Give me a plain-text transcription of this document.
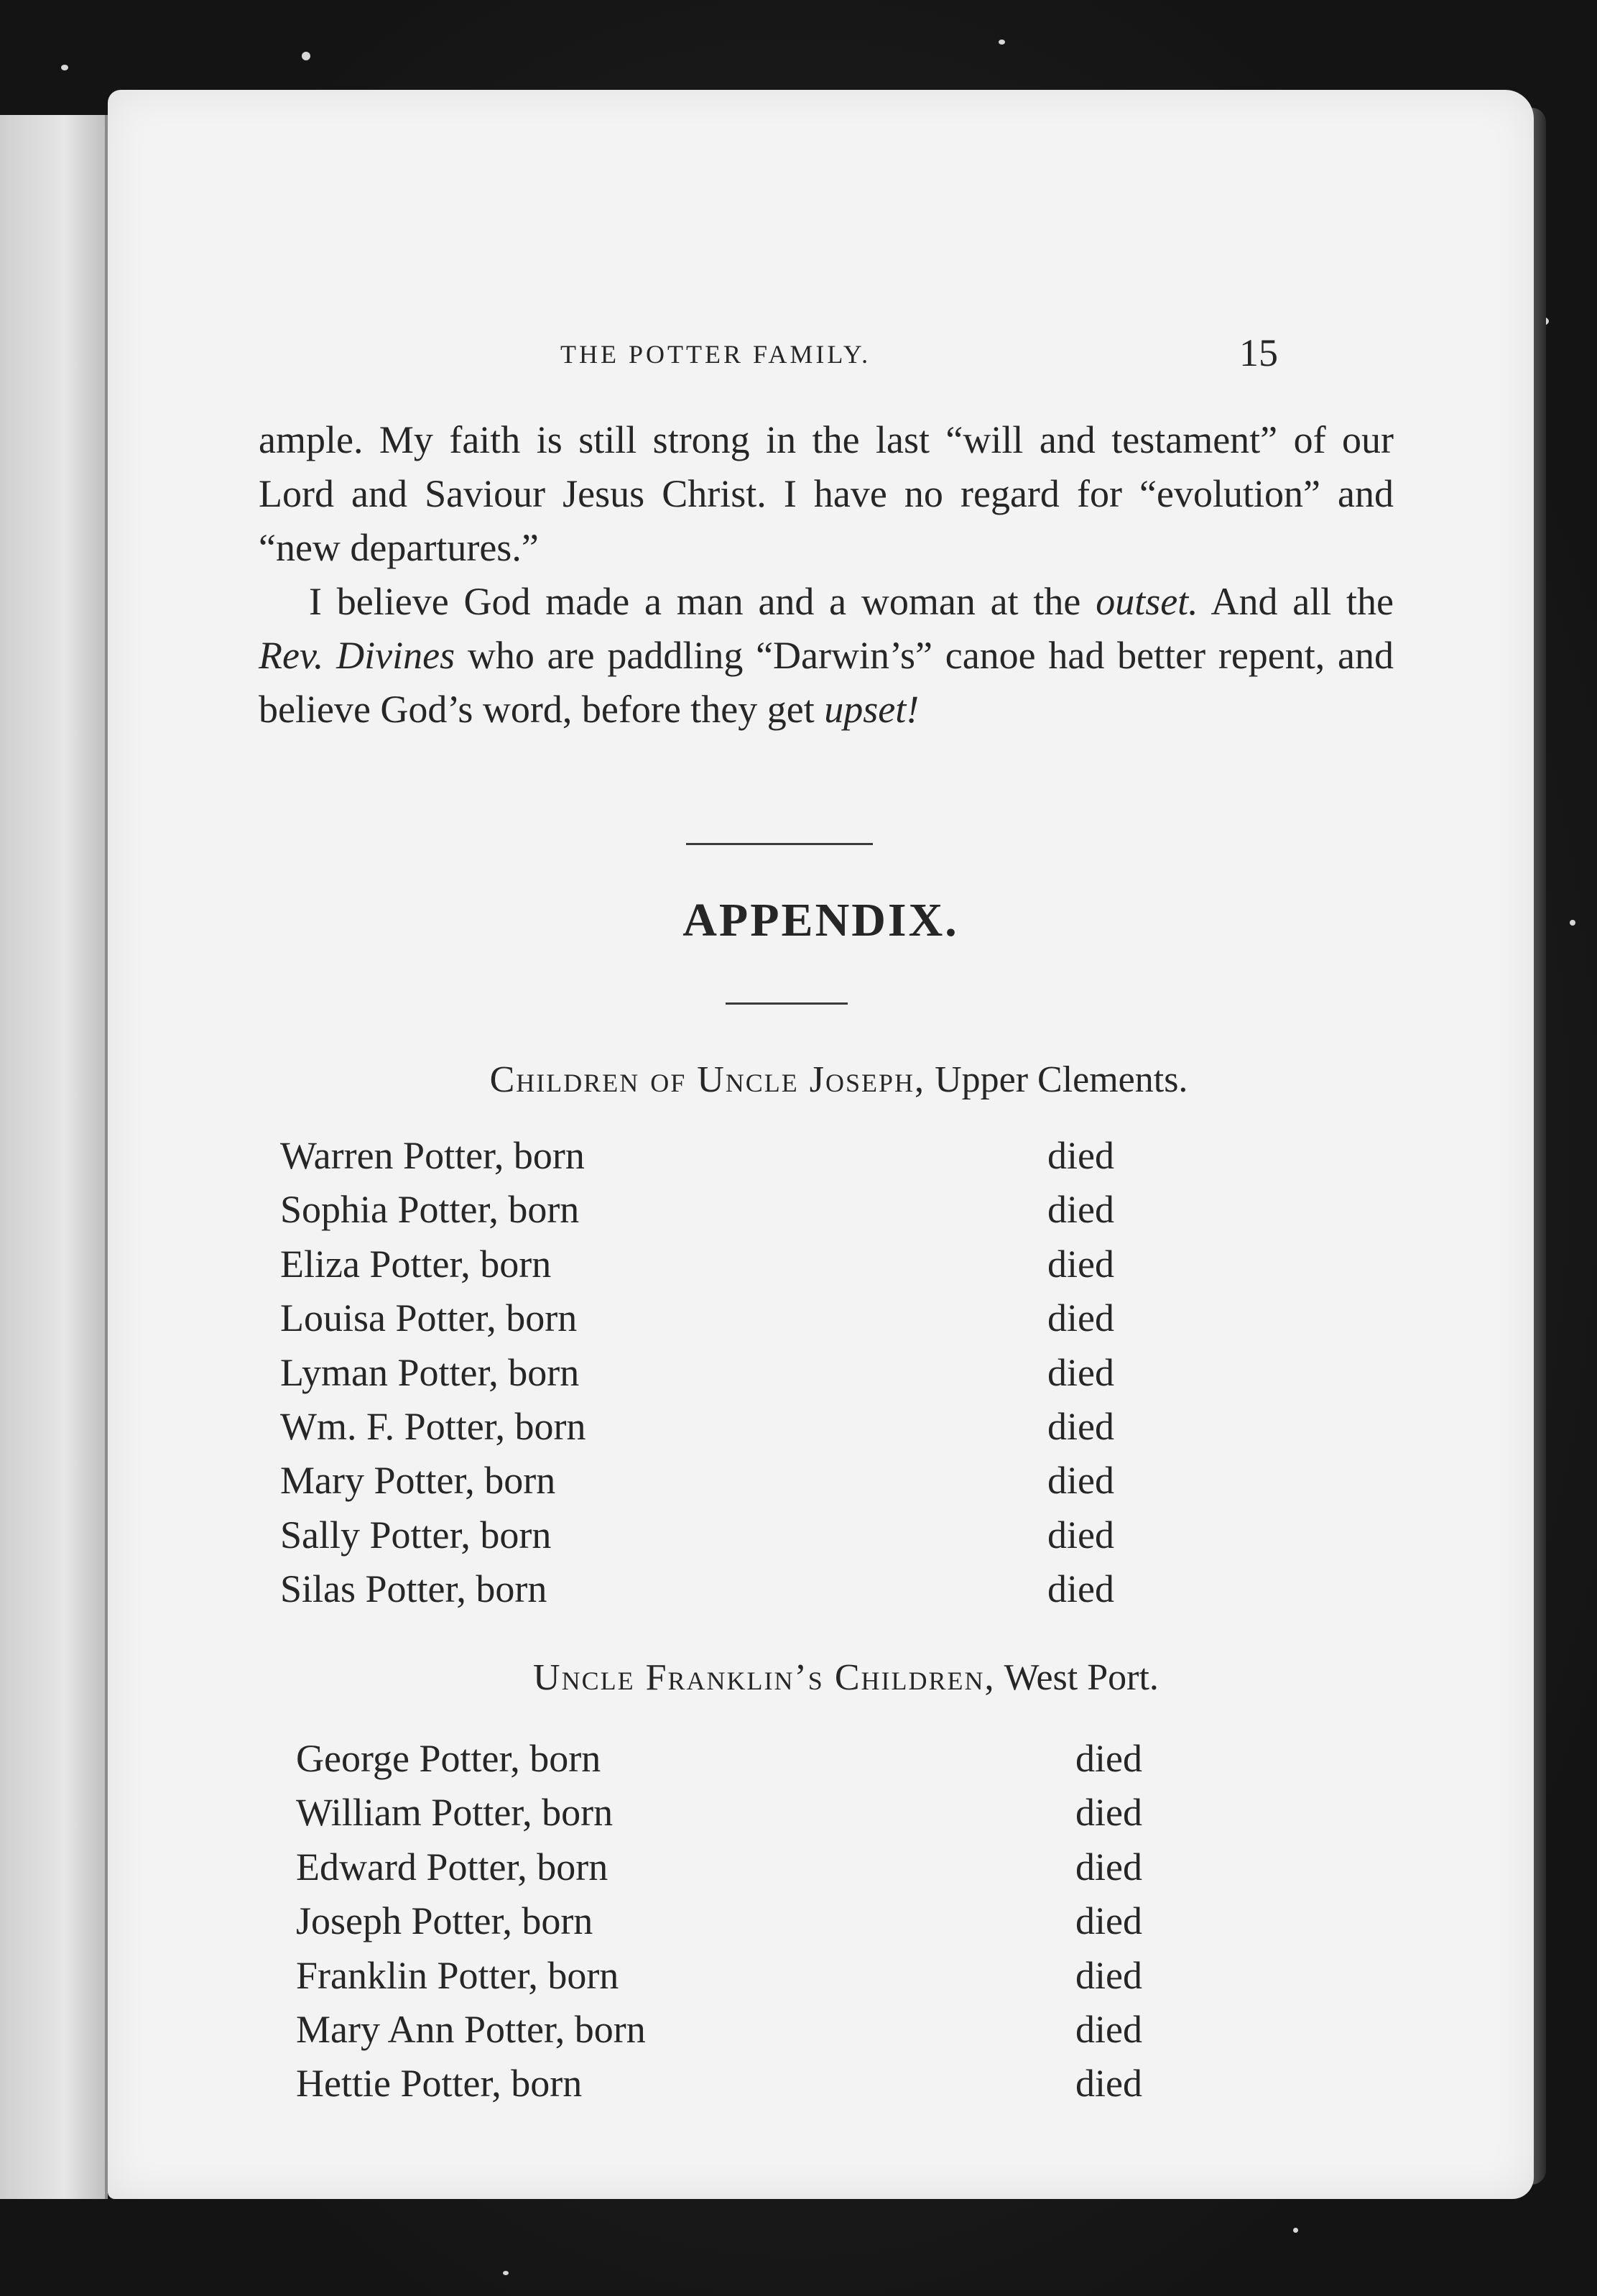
THE POTTER FAMILY.	15

ample. My faith is still strong in the last “will and testament” of our Lord and Saviour Jesus Christ. I have no regard for “evolution” and “new departures.”

I believe God made a man and a woman at the outset. And all the Rev. Divines who are paddling “Darwin’s” canoe had better repent, and believe God’s word, before they get upset!

APPENDIX.
Children of Uncle Joseph, Upper Clements.
Warren Potter, born	died
Sophia Potter, born	died
Eliza Potter, born	died
Louisa Potter, born	died
Lyman Potter, born	died
Wm. F. Potter, born	died
Mary Potter, born	died
Sally Potter, born	died
Silas Potter, born	died
Uncle Franklin’s Children, West Port.
George Potter, born	died
William Potter, born	died
Edward Potter, born	died
Joseph Potter, born	died
Franklin Potter, born	died
Mary Ann Potter, born	died
Hettie Potter, born	died
